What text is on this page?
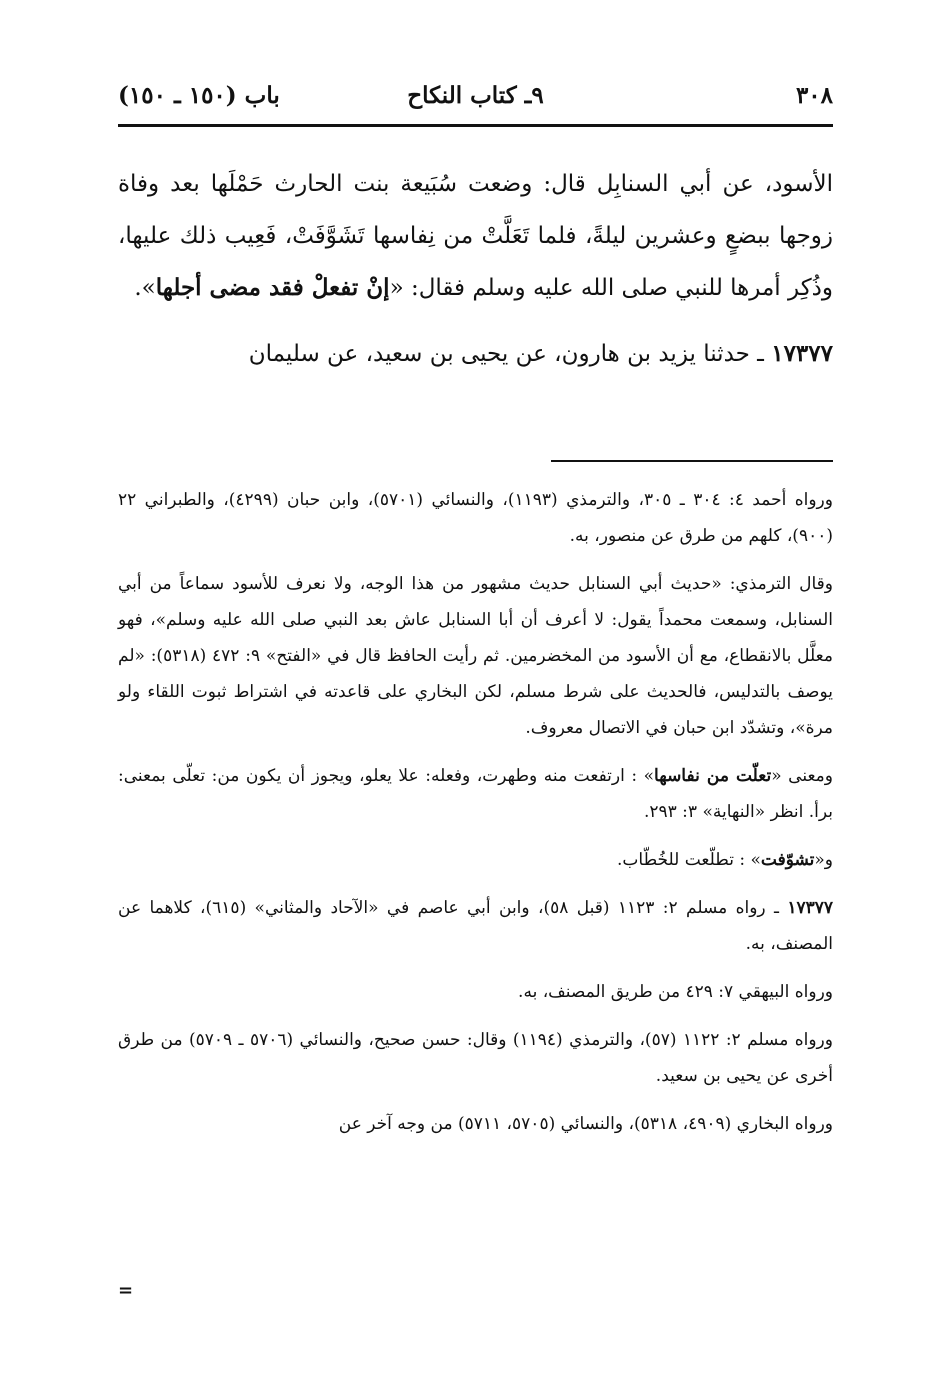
٣٠٨
٩ـ كتاب النكاح
باب (١٥٠ ـ ١٥٠)

الأسود، عن أبي السنابِل قال: وضعت سُبَيعة بنت الحارث حَمْلَها بعد وفاة زوجها ببضعٍ وعشرين ليلةً، فلما تَعَلَّتْ من نِفاسها تَشَوَّفَتْ، فَعِيب ذلك عليها، وذُكِر أمرها للنبي صلى الله عليه وسلم فقال: «إنْ تفعلْ فقد مضى أجلها».

١٧٣٧٧ ـ حدثنا يزيد بن هارون، عن يحيى بن سعيد، عن سليمان

ورواه أحمد ٤: ٣٠٤ ـ ٣٠٥، والترمذي (١١٩٣)، والنسائي (٥٧٠١)، وابن حبان (٤٢٩٩)، والطبراني ٢٢ (٩٠٠)، كلهم من طرق عن منصور، به.

وقال الترمذي: «حديث أبي السنابل حديث مشهور من هذا الوجه، ولا نعرف للأسود سماعاً من أبي السنابل، وسمعت محمداً يقول: لا أعرف أن أبا السنابل عاش بعد النبي صلى الله عليه وسلم»، فهو معلَّل بالانقطاع، مع أن الأسود من المخضرمين. ثم رأيت الحافظ قال في «الفتح» ٩: ٤٧٢ (٥٣١٨): «لم يوصف بالتدليس، فالحديث على شرط مسلم، لكن البخاري على قاعدته في اشتراط ثبوت اللقاء ولو مرة»، وتشدّد ابن حبان في الاتصال معروف.

ومعنى «تعلّت من نفاسها» : ارتفعت منه وطهرت، وفعله: علا يعلو، ويجوز أن يكون من: تعلّى بمعنى: برأ. انظر «النهاية» ٣: ٢٩٣.

و«تشوّفت» : تطلّعت للخُطّاب.

١٧٣٧٧ ـ رواه مسلم ٢: ١١٢٣ (قبل ٥٨)، وابن أبي عاصم في «الآحاد والمثاني» (٦١٥)، كلاهما عن المصنف، به.

ورواه البيهقي ٧: ٤٢٩ من طريق المصنف، به.

ورواه مسلم ٢: ١١٢٢ (٥٧)، والترمذي (١١٩٤) وقال: حسن صحيح، والنسائي (٥٧٠٦ ـ ٥٧٠٩) من طرق أخرى عن يحيى بن سعيد.

ورواه البخاري (٤٩٠٩، ٥٣١٨)، والنسائي (٥٧٠٥، ٥٧١١) من وجه آخر عن

=
